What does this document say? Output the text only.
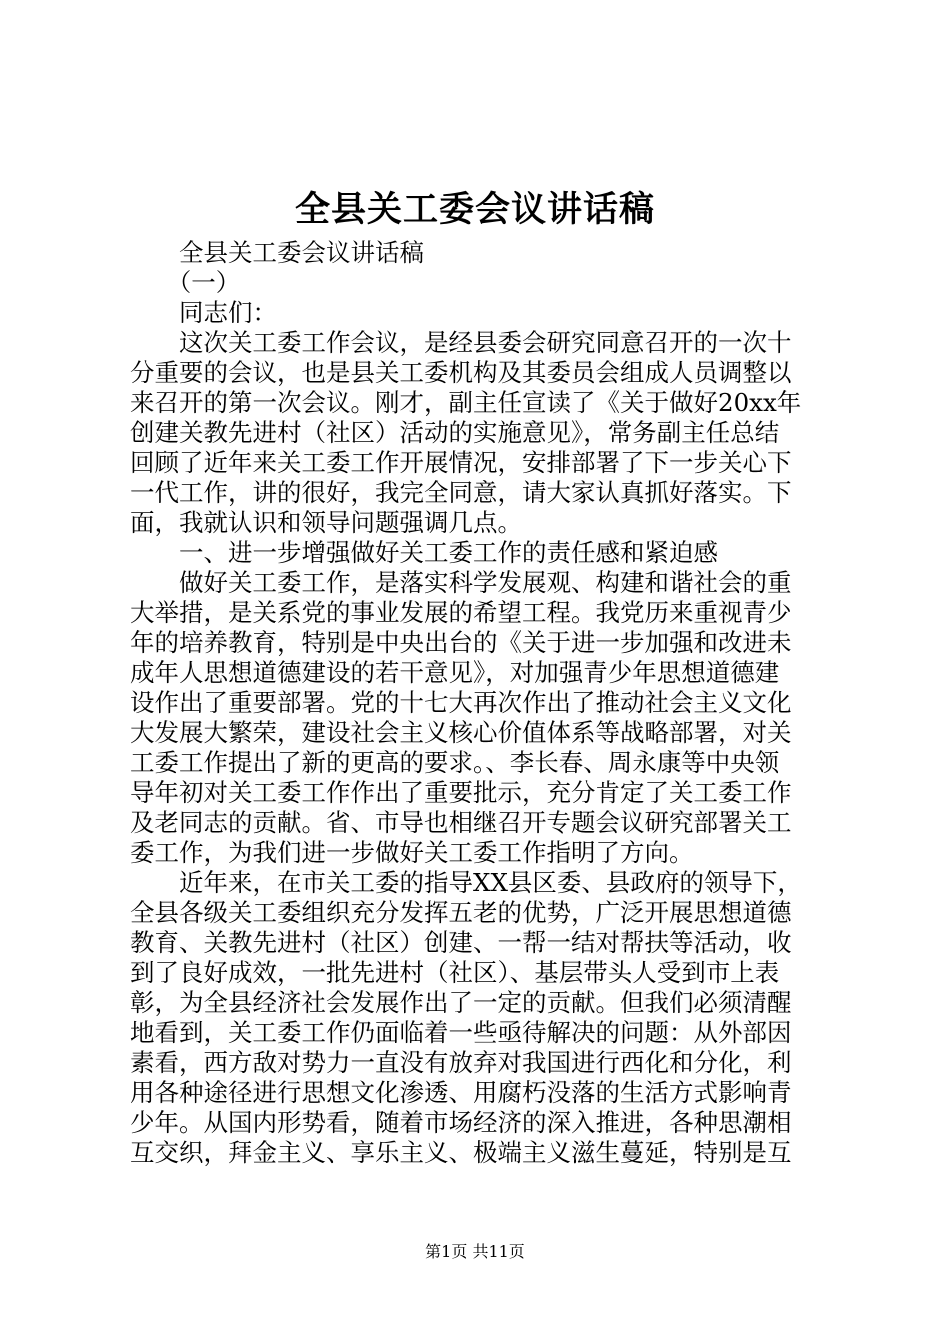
全县关工委会议讲话稿
　　全县关工委会议讲话稿
　　（一）
　　同志们：
　　这次关工委工作会议，是经县委会研究同意召开的一次十
分重要的会议，也是县关工委机构及其委员会组成人员调整以
来召开的第一次会议。刚才，副主任宣读了《关于做好20xx年
创建关教先进村（社区）活动的实施意见》，常务副主任总结
回顾了近年来关工委工作开展情况，安排部署了下一步关心下
一代工作，讲的很好，我完全同意，请大家认真抓好落实。下
面，我就认识和领导问题强调几点。
　　一、进一步增强做好关工委工作的责任感和紧迫感
　　做好关工委工作，是落实科学发展观、构建和谐社会的重
大举措，是关系党的事业发展的希望工程。我党历来重视青少
年的培养教育，特别是中央出台的《关于进一步加强和改进未
成年人思想道德建设的若干意见》，对加强青少年思想道德建
设作出了重要部署。党的十七大再次作出了推动社会主义文化
大发展大繁荣，建设社会主义核心价值体系等战略部署，对关
工委工作提出了新的更高的要求。、李长春、周永康等中央领
导年初对关工委工作作出了重要批示，充分肯定了关工委工作
及老同志的贡献。省、市导也相继召开专题会议研究部署关工
委工作，为我们进一步做好关工委工作指明了方向。
　　近年来，在市关工委的指导XX县区委、县政府的领导下，
全县各级关工委组织充分发挥五老的优势，广泛开展思想道德
教育、关教先进村（社区）创建、一帮一结对帮扶等活动，收
到了良好成效，一批先进村（社区）、基层带头人受到市上表
彰，为全县经济社会发展作出了一定的贡献。但我们必须清醒
地看到，关工委工作仍面临着一些亟待解决的问题：从外部因
素看，西方敌对势力一直没有放弃对我国进行西化和分化，利
用各种途径进行思想文化渗透、用腐朽没落的生活方式影响青
少年。从国内形势看，随着市场经济的深入推进，各种思潮相
互交织，拜金主义、享乐主义、极端主义滋生蔓延，特别是互
第1页 共11页
